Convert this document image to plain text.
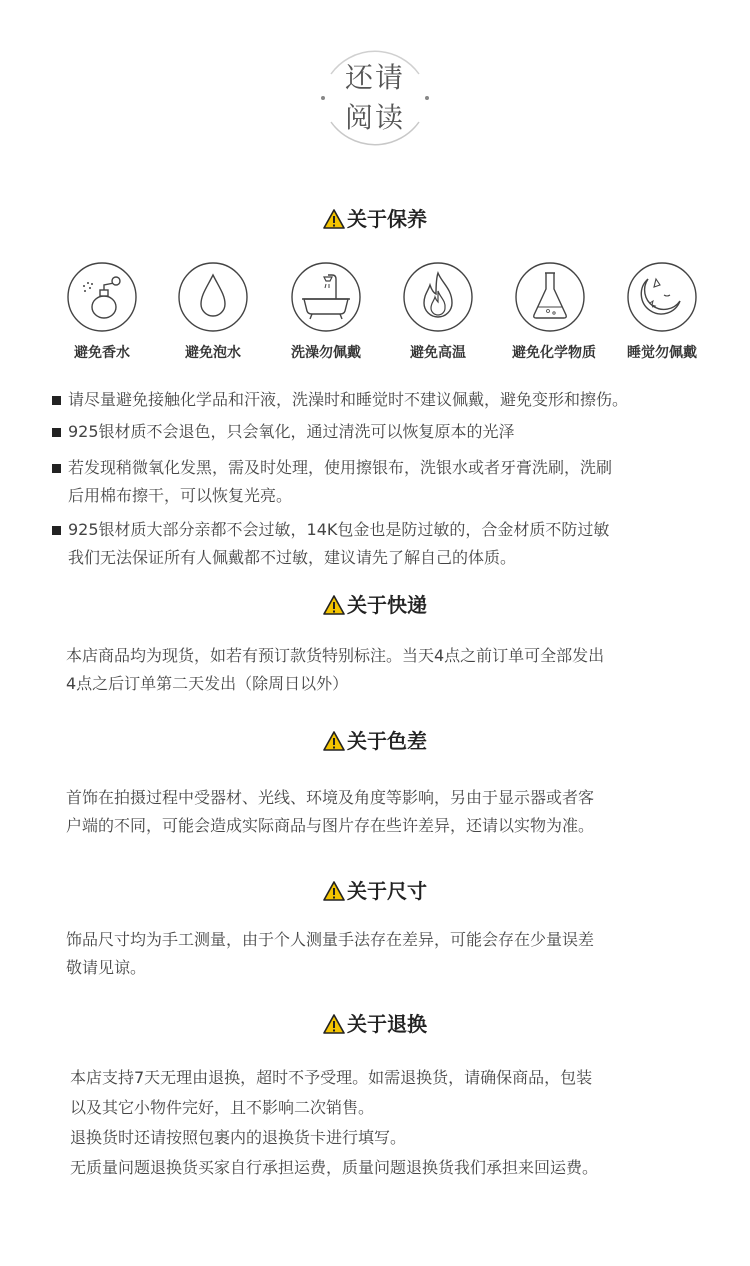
还请
阅读
关于保养
避免香水	避免泡水	洗澡勿佩戴	避免高温	避免化学物质	睡觉勿佩戴
请尽量避免接触化学品和汗液，洗澡时和睡觉时不建议佩戴，避免变形和擦伤。
925银材质不会退色，只会氧化，通过清洗可以恢复原本的光泽
若发现稍微氧化发黑，需及时处理，使用擦银布，洗银水或者牙膏洗刷，洗刷
后用棉布擦干，可以恢复光亮。
925银材质大部分亲都不会过敏，14K包金也是防过敏的，合金材质不防过敏
我们无法保证所有人佩戴都不过敏，建议请先了解自己的体质。
关于快递
本店商品均为现货，如若有预订款货特别标注。当天4点之前订单可全部发出
4点之后订单第二天发出（除周日以外）
关于色差
首饰在拍摄过程中受器材、光线、环境及角度等影响，另由于显示器或者客
户端的不同，可能会造成实际商品与图片存在些许差异，还请以实物为准。
关于尺寸
饰品尺寸均为手工测量，由于个人测量手法存在差异，可能会存在少量误差
敬请见谅。
关于退换
本店支持7天无理由退换，超时不予受理。如需退换货，请确保商品，包装
以及其它小物件完好，且不影响二次销售。
退换货时还请按照包裹内的退换货卡进行填写。
无质量问题退换货买家自行承担运费，质量问题退换货我们承担来回运费。
